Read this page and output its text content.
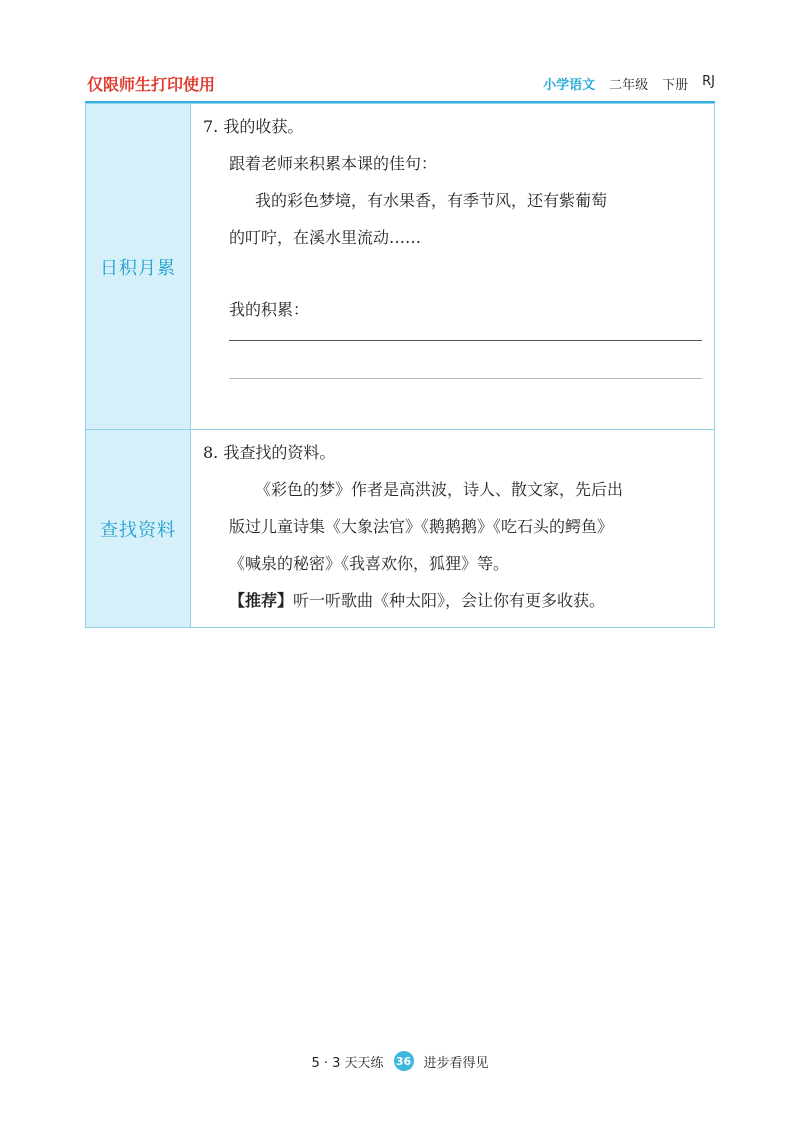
仅限师生打印使用	小学语文 二年级 下册 RJ
日积月累	7. 我的收获。
跟着老师来积累本课的佳句：
我的彩色梦境，有水果香，有季节风，还有紫葡萄
的叮咛，在溪水里流动……
我的积累：

查找资料	8. 我查找的资料。
《彩色的梦》作者是高洪波，诗人、散文家，先后出
版过儿童诗集《大象法官》《鹅鹅鹅》《吃石头的鳄鱼》
《喊泉的秘密》《我喜欢你，狐狸》等。
【推荐】听一听歌曲《种太阳》，会让你有更多收获。
5 · 3 天天练 36 进步看得见
